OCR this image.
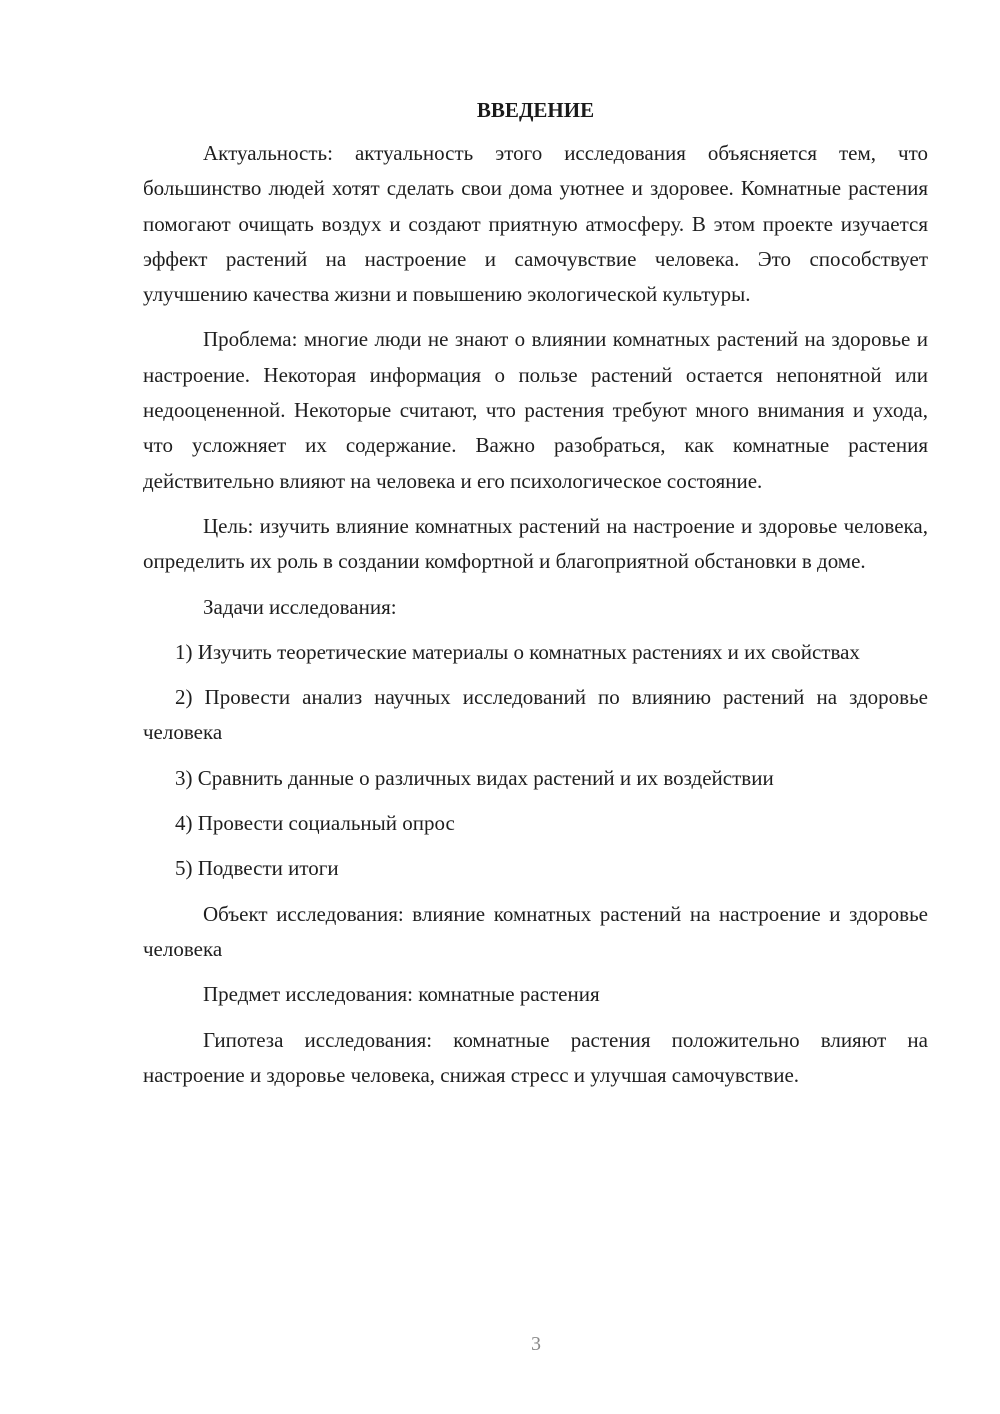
ВВЕДЕНИЕ

Актуальность: актуальность этого исследования объясняется тем, что большинство людей хотят сделать свои дома уютнее и здоровее. Комнатные растения помогают очищать воздух и создают приятную атмосферу. В этом проекте изучается эффект растений на настроение и самочувствие человека. Это способствует улучшению качества жизни и повышению экологической культуры.

Проблема: многие люди не знают о влиянии комнатных растений на здоровье и настроение. Некоторая информация о пользе растений остается непонятной или недооцененной. Некоторые считают, что растения требуют много внимания и ухода, что усложняет их содержание. Важно разобраться, как комнатные растения действительно влияют на человека и его психологическое состояние.

Цель: изучить влияние комнатных растений на настроение и здоровье человека, определить их роль в создании комфортной и благоприятной обстановки в доме.

Задачи исследования:

1) Изучить теоретические материалы о комнатных растениях и их свойствах

2) Провести анализ научных исследований по влиянию растений на здоровье человека

3) Сравнить данные о различных видах растений и их воздействии

4) Провести социальный опрос

5) Подвести итоги

Объект исследования: влияние комнатных растений на настроение и здоровье человека

Предмет исследования: комнатные растения

Гипотеза исследования: комнатные растения положительно влияют на настроение и здоровье человека, снижая стресс и улучшая самочувствие.

3
